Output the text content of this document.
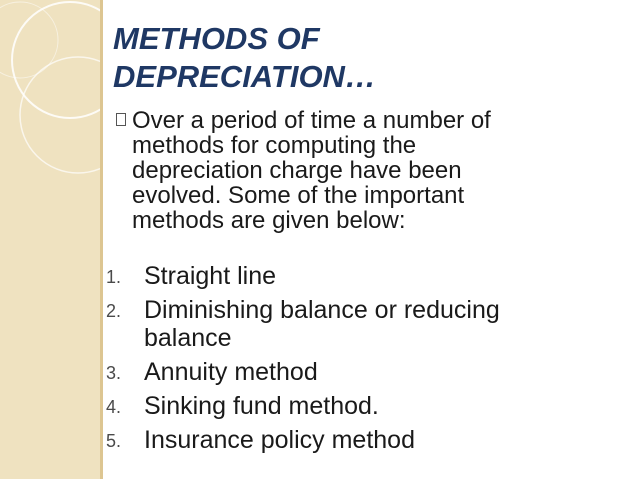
METHODS OF
DEPRECIATION…
Over a period of time a number of
methods for computing the
depreciation charge have been
evolved. Some of the important
methods are given below:
1. Straight line
2. Diminishing balance or reducing
balance
3. Annuity method
4. Sinking fund method.
5. Insurance policy method
